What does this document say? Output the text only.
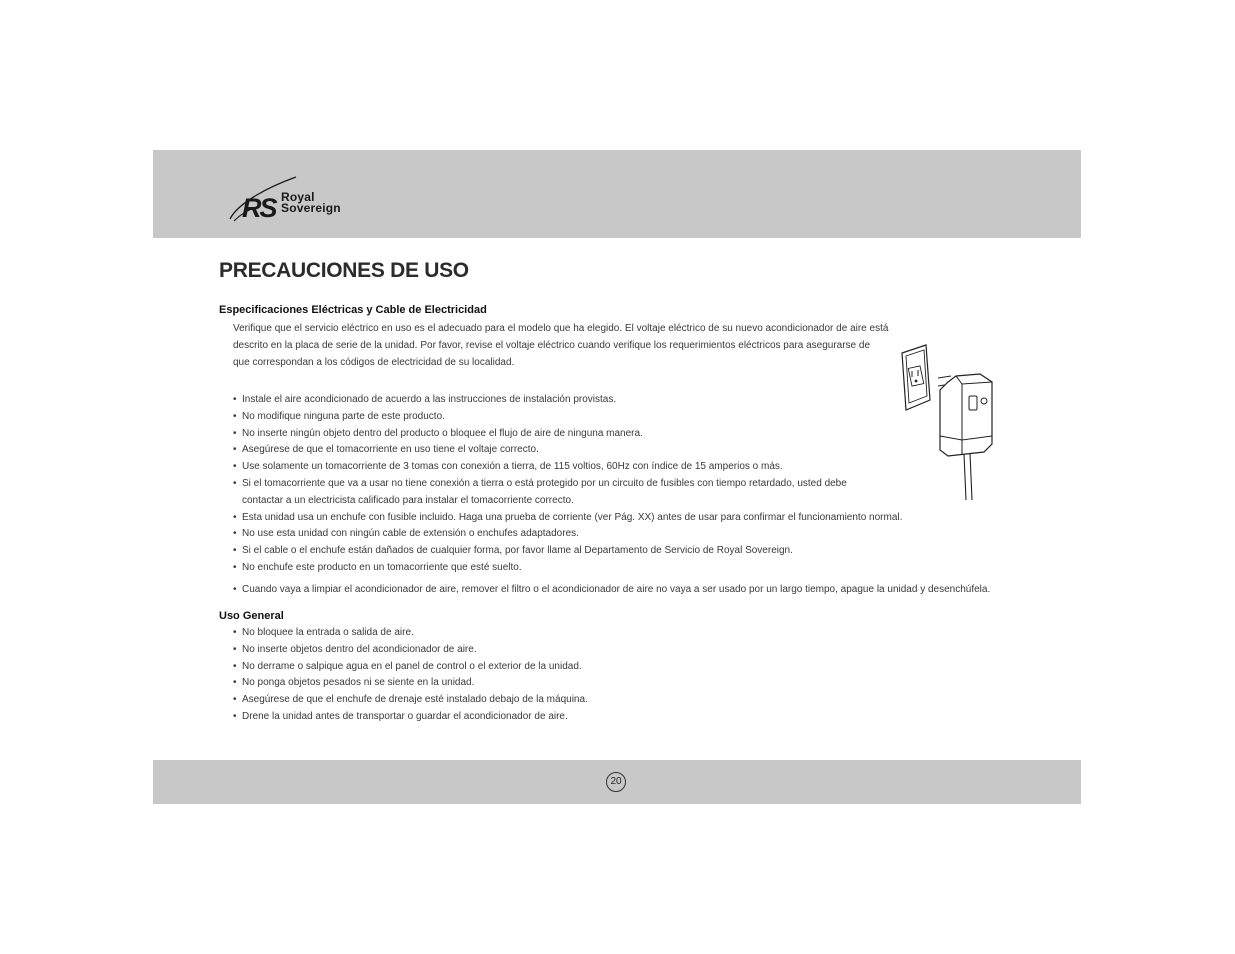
RS Royal
Sovereign
PRECAUCIONES DE USO
Especificaciones Eléctricas y Cable de Electricidad

Verifique que el servicio eléctrico en uso es el adecuado para el modelo que ha elegido. El voltaje eléctrico de su nuevo acondicionador de aire está
descrito en la placa de serie de la unidad. Por favor, revise el voltaje eléctrico cuando verifique los requerimientos eléctricos para asegurarse de
que correspondan a los códigos de electricidad de su localidad.

• Instale el aire acondicionado de acuerdo a las instrucciones de instalación provistas.
• No modifique ninguna parte de este producto.
• No inserte ningún objeto dentro del producto o bloquee el flujo de aire de ninguna manera.
• Asegúrese de que el tomacorriente en uso tiene el voltaje correcto.
• Use solamente un tomacorriente de 3 tomas con conexión a tierra, de 115 voltios, 60Hz con índice de 15 amperios o más.
• Si el tomacorriente que va a usar no tiene conexión a tierra o está protegido por un circuito de fusibles con tiempo retardado, usted debe contactar a un electricista calificado para instalar el tomacorriente correcto.
• Esta unidad usa un enchufe con fusible incluido. Haga una prueba de corriente (ver Pág. XX) antes de usar para confirmar el funcionamiento normal.
• No use esta unidad con ningún cable de extensión o enchufes adaptadores.
• Si el cable o el enchufe están dañados de cualquier forma, por favor llame al Departamento de Servicio de Royal Sovereign.
• No enchufe este producto en un tomacorriente que esté suelto.
• Cuando vaya a limpiar el acondicionador de aire, remover el filtro o el acondicionador de aire no vaya a ser usado por un largo tiempo, apague la unidad y desenchúfela.
Uso General
• No bloquee la entrada o salida de aire.
• No inserte objetos dentro del acondicionador de aire.
• No derrame o salpique agua en el panel de control o el exterior de la unidad.
• No ponga objetos pesados ni se siente en la unidad.
• Asegúrese de que el enchufe de drenaje esté instalado debajo de la máquina.
• Drene la unidad antes de transportar o guardar el acondicionador de aire.
20
